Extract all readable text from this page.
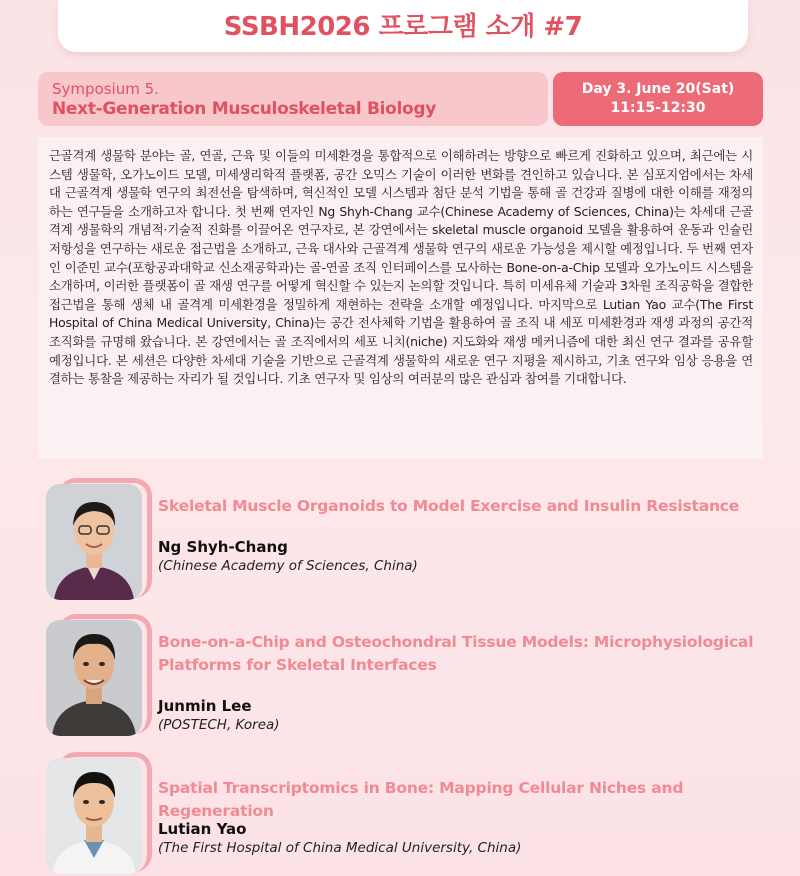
SSBH2026 프로그램 소개 #7
Symposium 5.
Next-Generation Musculoskeletal Biology
Day 3. June 20(Sat)
11:15-12:30

근골격계 생물학 분야는 골, 연골, 근육 및 이들의 미세환경을 통합적으로 이해하려는 방향으로 빠르게 진화하고 있으며, 최근에는 시스템 생물학, 오가노이드 모델, 미세생리학적 플랫폼, 공간 오믹스 기술이 이러한 변화를 견인하고 있습니다. 본 심포지엄에서는 차세대 근골격계 생물학 연구의 최전선을 탐색하며, 혁신적인 모델 시스템과 첨단 분석 기법을 통해 골 건강과 질병에 대한 이해를 재정의하는 연구들을 소개하고자 합니다. 첫 번째 연자인 Ng Shyh-Chang 교수(Chinese Academy of Sciences, China)는 차세대 근골격계 생물학의 개념적·기술적 진화를 이끌어온 연구자로, 본 강연에서는 skeletal muscle organoid 모델을 활용하여 운동과 인슐린 저항성을 연구하는 새로운 접근법을 소개하고, 근육 대사와 근골격계 생물학 연구의 새로운 가능성을 제시할 예정입니다. 두 번째 연자인 이준민 교수(포항공과대학교 신소재공학과)는 골-연골 조직 인터페이스를 모사하는 Bone-on-a-Chip 모델과 오가노이드 시스템을 소개하며, 이러한 플랫폼이 골 재생 연구를 어떻게 혁신할 수 있는지 논의할 것입니다. 특히 미세유체 기술과 3차원 조직공학을 결합한 접근법을 통해 생체 내 골격계 미세환경을 정밀하게 재현하는 전략을 소개할 예정입니다. 마지막으로 Lutian Yao 교수(The First Hospital of China Medical University, China)는 공간 전사체학 기법을 활용하여 골 조직 내 세포 미세환경과 재생 과정의 공간적 조직화를 규명해 왔습니다. 본 강연에서는 골 조직에서의 세포 니치(niche) 지도화와 재생 메커니즘에 대한 최신 연구 결과를 공유할 예정입니다. 본 세션은 다양한 차세대 기술을 기반으로 근골격계 생물학의 새로운 연구 지평을 제시하고, 기초 연구와 임상 응용을 연결하는 통찰을 제공하는 자리가 될 것입니다. 기초 연구자 및 임상의 여러분의 많은 관심과 참여를 기대합니다.

Skeletal Muscle Organoids to Model Exercise and Insulin Resistance
Ng Shyh-Chang
(Chinese Academy of Sciences, China)
Bone-on-a-Chip and Osteochondral Tissue Models: Microphysiological Platforms for Skeletal Interfaces
Junmin Lee
(POSTECH, Korea)
Spatial Transcriptomics in Bone: Mapping Cellular Niches and Regeneration
Lutian Yao
(The First Hospital of China Medical University, China)
